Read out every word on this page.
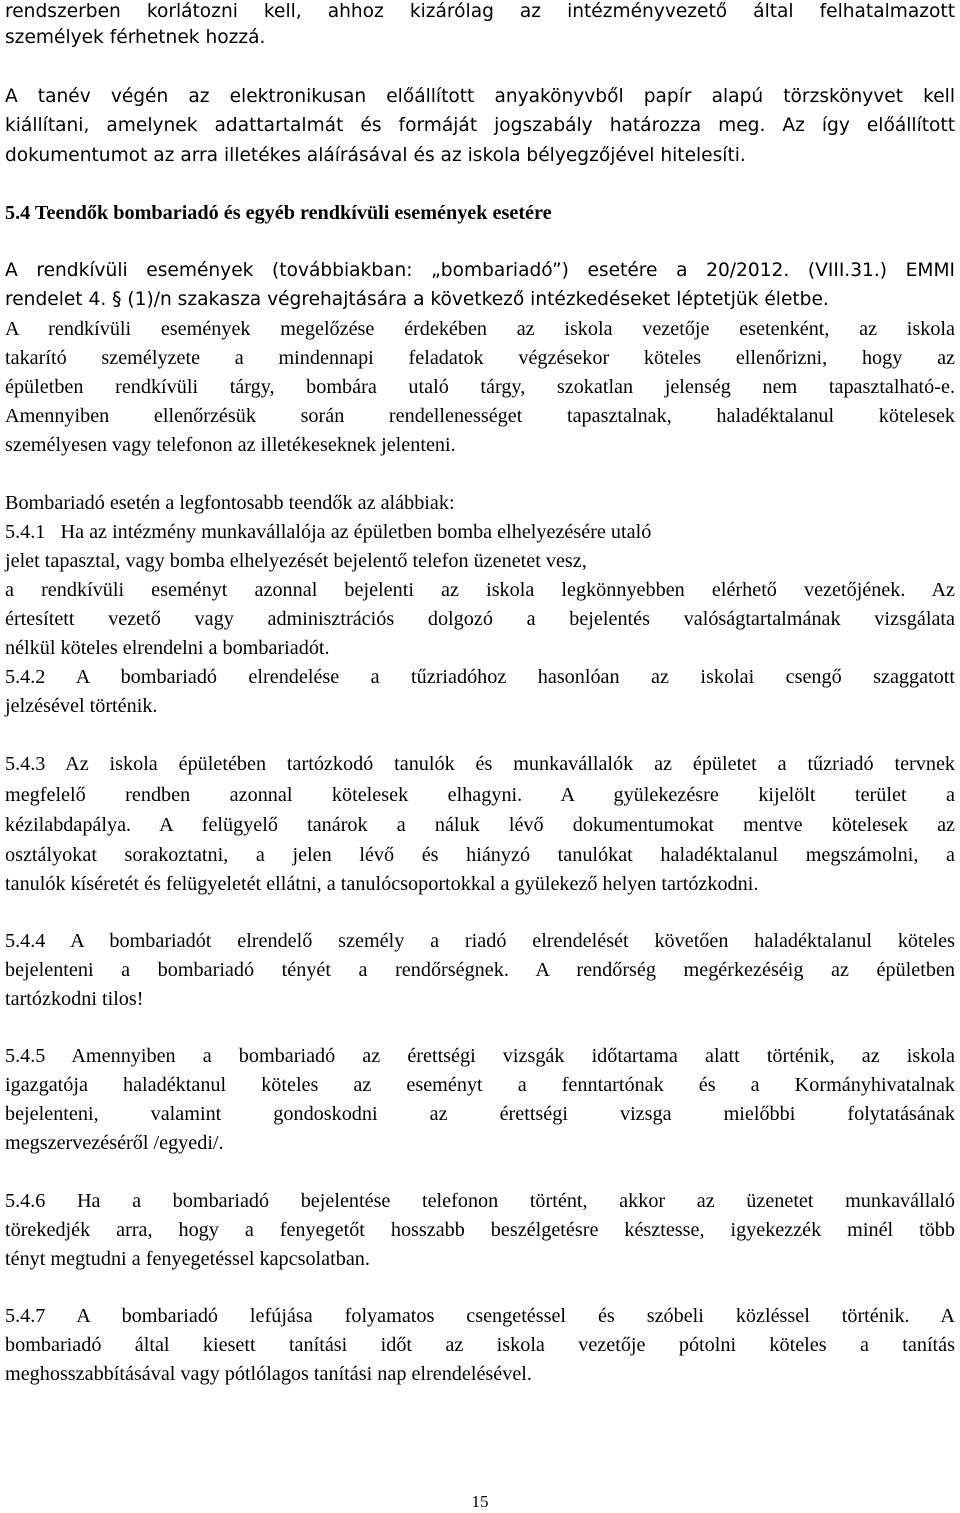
rendszerben korlátozni kell, ahhoz kizárólag az intézményvezető által felhatalmazott
személyek férhetnek hozzá.
A tanév végén az elektronikusan előállított anyakönyvből papír alapú törzskönyvet kell
kiállítani, amelynek adattartalmát és formáját jogszabály határozza meg. Az így előállított
dokumentumot az arra illetékes aláírásával és az iskola bélyegzőjével hitelesíti.
5.4 Teendők bombariadó és egyéb rendkívüli események esetére
A rendkívüli események (továbbiakban: „bombariadó”) esetére a 20/2012. (VIII.31.) EMMI
rendelet 4. § (1)/n szakasza végrehajtására a következő intézkedéseket léptetjük életbe.
A rendkívüli események megelőzése érdekében az iskola vezetője esetenként, az iskola
takarító személyzete a mindennapi feladatok végzésekor köteles ellenőrizni, hogy az
épületben rendkívüli tárgy, bombára utaló tárgy, szokatlan jelenség nem tapasztalható-e.
Amennyiben ellenőrzésük során rendellenességet tapasztalnak, haladéktalanul kötelesek
személyesen vagy telefonon az illetékeseknek jelenteni.
Bombariadó esetén a legfontosabb teendők az alábbiak:
5.4.1   Ha az intézmény munkavállalója az épületben bomba elhelyezésére utaló
jelet tapasztal, vagy bomba elhelyezését bejelentő telefon üzenetet vesz,
a rendkívüli eseményt azonnal bejelenti az iskola legkönnyebben elérhető vezetőjének. Az
értesített vezető vagy adminisztrációs dolgozó a bejelentés valóságtartalmának vizsgálata
nélkül köteles elrendelni a bombariadót.
5.4.2 A bombariadó elrendelése a tűzriadóhoz hasonlóan az iskolai csengő szaggatott
jelzésével történik.
5.4.3 Az iskola épületében tartózkodó tanulók és munkavállalók az épületet a tűzriadó tervnek
megfelelő rendben azonnal kötelesek elhagyni. A gyülekezésre kijelölt terület a
kézilabdapálya. A felügyelő tanárok a náluk lévő dokumentumokat mentve kötelesek az
osztályokat sorakoztatni, a jelen lévő és hiányzó tanulókat haladéktalanul megszámolni, a
tanulók kíséretét és felügyeletét ellátni, a tanulócsoportokkal a gyülekező helyen tartózkodni.
5.4.4 A bombariadót elrendelő személy a riadó elrendelését követően haladéktalanul köteles
bejelenteni a bombariadó tényét a rendőrségnek. A rendőrség megérkezéséig az épületben
tartózkodni tilos!
5.4.5 Amennyiben a bombariadó az érettségi vizsgák időtartama alatt történik, az iskola
igazgatója haladéktanul köteles az eseményt a fenntartónak és a Kormányhivatalnak
bejelenteni, valamint gondoskodni az érettségi vizsga mielőbbi folytatásának
megszervezéséről /egyedi/.
5.4.6 Ha a bombariadó bejelentése telefonon történt, akkor az üzenetet munkavállaló
törekedjék arra, hogy a fenyegetőt hosszabb beszélgetésre késztesse, igyekezzék minél több
tényt megtudni a fenyegetéssel kapcsolatban.
5.4.7 A bombariadó lefújása folyamatos csengetéssel és szóbeli közléssel történik. A
bombariadó által kiesett tanítási időt az iskola vezetője pótolni köteles a tanítás
meghosszabbításával vagy pótlólagos tanítási nap elrendelésével.
15
